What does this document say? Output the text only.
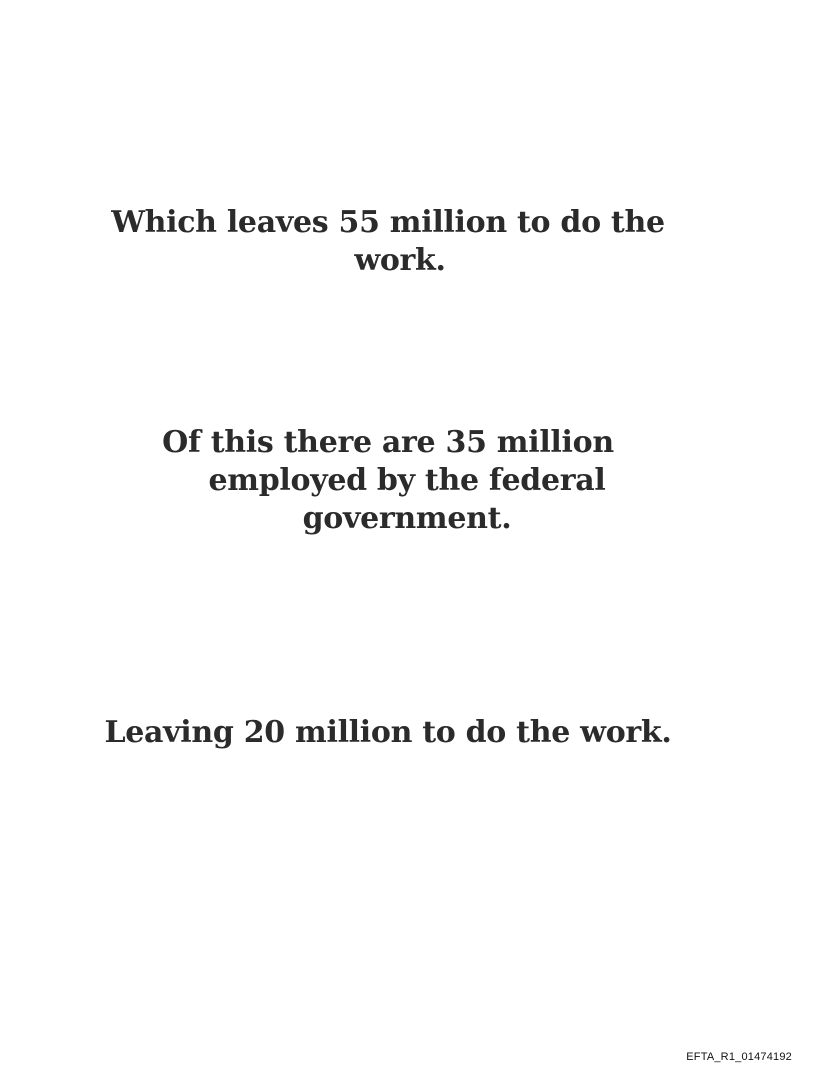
Which leaves 55 million to do the
work.
Of this there are 35 million
employed by the federal
government.
Leaving 20 million to do the work.
EFTA_R1_01474192
